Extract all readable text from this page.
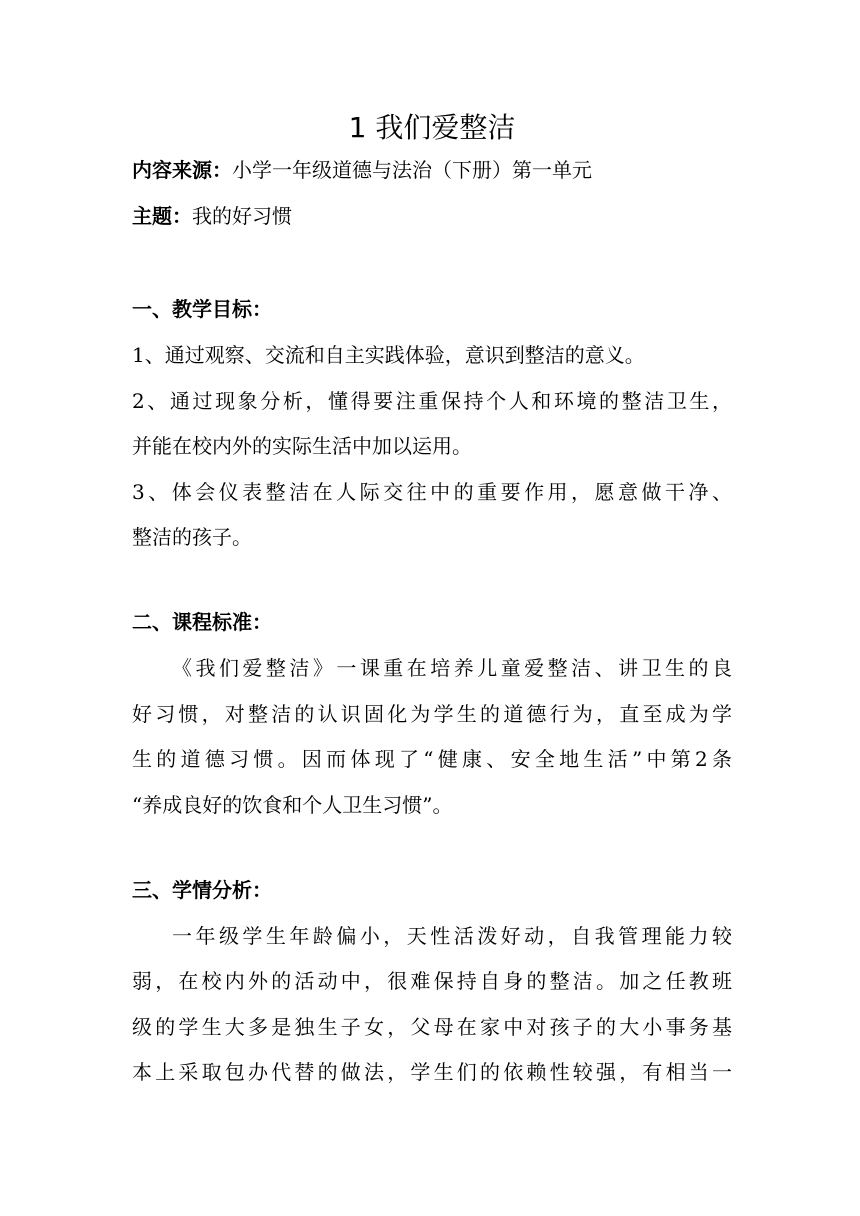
1 我们爱整洁
内容来源：小学一年级道德与法治（下册）第一单元
主题：我的好习惯
一、教学目标：
1、通过观察、交流和自主实践体验，意识到整洁的意义。
2、通过现象分析，懂得要注重保持个人和环境的整洁卫生，
并能在校内外的实际生活中加以运用。
3、体会仪表整洁在人际交往中的重要作用，愿意做干净、
整洁的孩子。
二、课程标准：
《我们爱整洁》一课重在培养儿童爱整洁、讲卫生的良
好习惯，对整洁的认识固化为学生的道德行为，直至成为学
生的道德习惯。因而体现了“健康、安全地生活”中第2条
“养成良好的饮食和个人卫生习惯”。
三、学情分析：
一年级学生年龄偏小，天性活泼好动，自我管理能力较
弱，在校内外的活动中，很难保持自身的整洁。加之任教班
级的学生大多是独生子女，父母在家中对孩子的大小事务基
本上采取包办代替的做法，学生们的依赖性较强，有相当一
